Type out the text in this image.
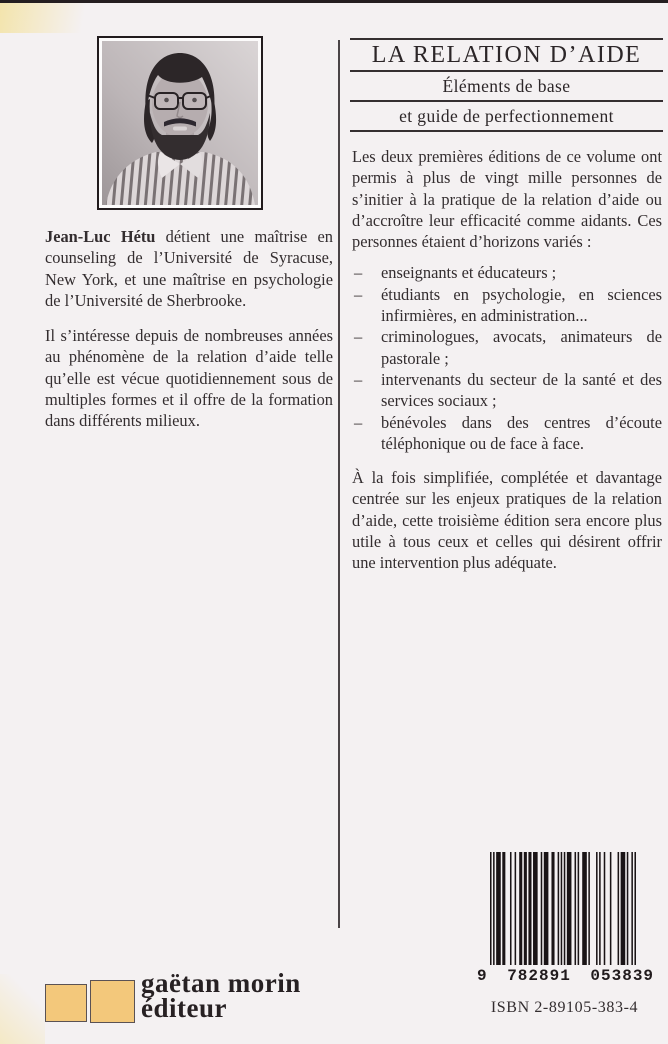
Jean-Luc Hétu détient une maîtrise en counseling de l’Université de Syracuse, New York, et une maîtrise en psychologie de l’Université de Sherbrooke.

Il s’intéresse depuis de nombreuses années au phénomène de la relation d’aide telle qu’elle est vécue quotidiennement sous de multiples formes et il offre de la formation dans différents milieux.

LA RELATION D’AIDE
Éléments de base
et guide de perfectionnement

Les deux premières éditions de ce volume ont permis à plus de vingt mille personnes de s’initier à la pratique de la relation d’aide ou d’accroître leur efficacité comme aidants. Ces personnes étaient d’horizons variés :

– enseignants et éducateurs ;
– étudiants en psychologie, en sciences infirmières, en administration...
– criminologues, avocats, animateurs de pastorale ;
– intervenants du secteur de la santé et des services sociaux ;
– bénévoles dans des centres d’écoute téléphonique ou de face à face.

À la fois simplifiée, complétée et davantage centrée sur les enjeux pratiques de la relation d’aide, cette troisième édition sera encore plus utile à tous ceux et celles qui désirent offrir une intervention plus adéquate.

gaëtan morin
éditeur
9 782891 053839
ISBN 2-89105-383-4
